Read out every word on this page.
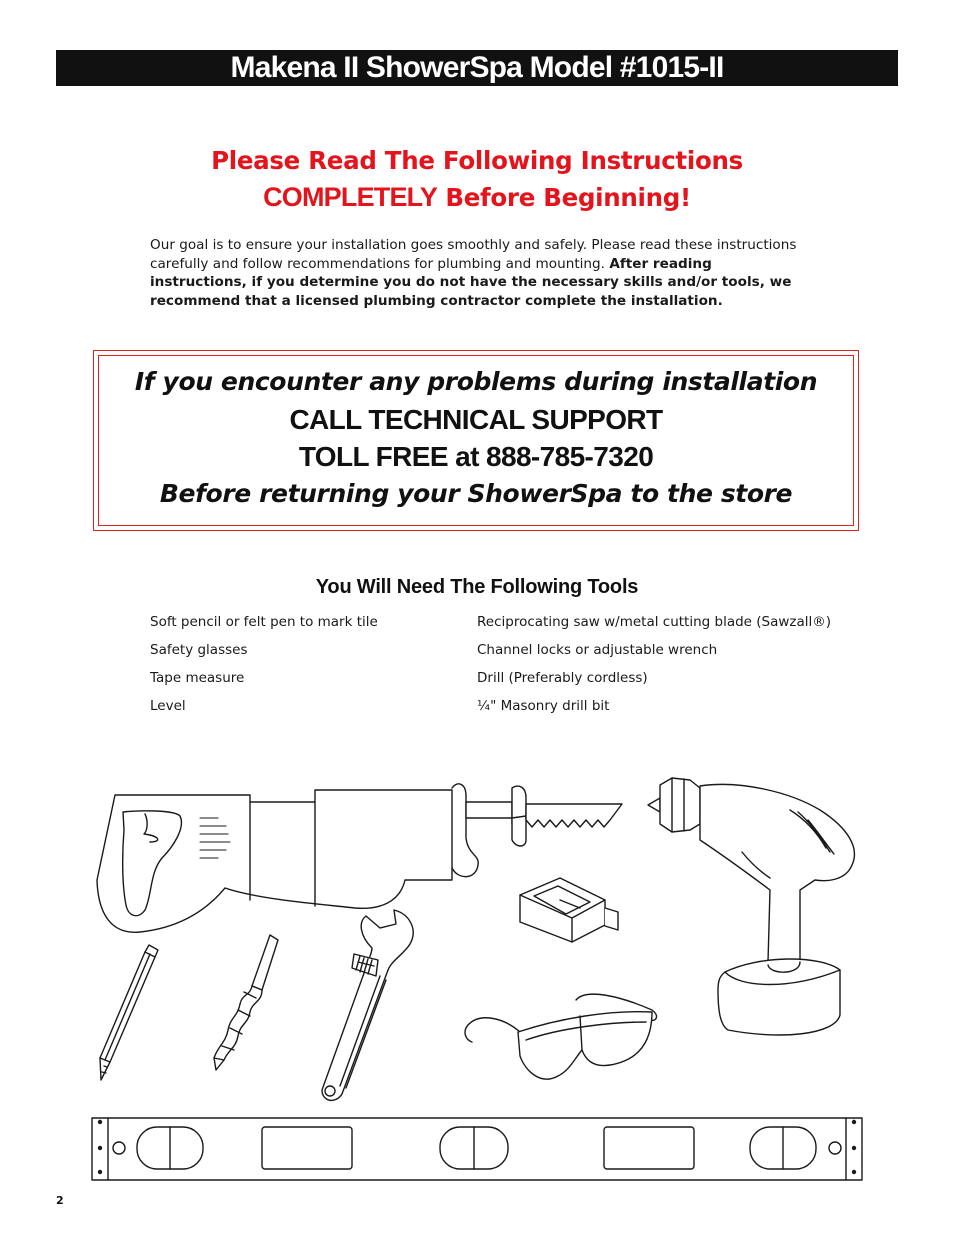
Makena II ShowerSpa Model #1015-II
Please Read The Following Instructions
COMPLETELY Before Beginning!
Our goal is to ensure your installation goes smoothly and safely. Please read these instructions carefully and follow recommendations for plumbing and mounting. After reading instructions, if you determine you do not have the necessary skills and/or tools, we recommend that a licensed plumbing contractor complete the installation.
If you encounter any problems during installation
CALL TECHNICAL SUPPORT
TOLL FREE at 888-785-7320
Before returning your ShowerSpa to the store
You Will Need The Following Tools
Soft pencil or felt pen to mark tile	Reciprocating saw w/metal cutting blade (Sawzall®)
Safety glasses	Channel locks or adjustable wrench
Tape measure	Drill (Preferably cordless)
Level	¼" Masonry drill bit
2
